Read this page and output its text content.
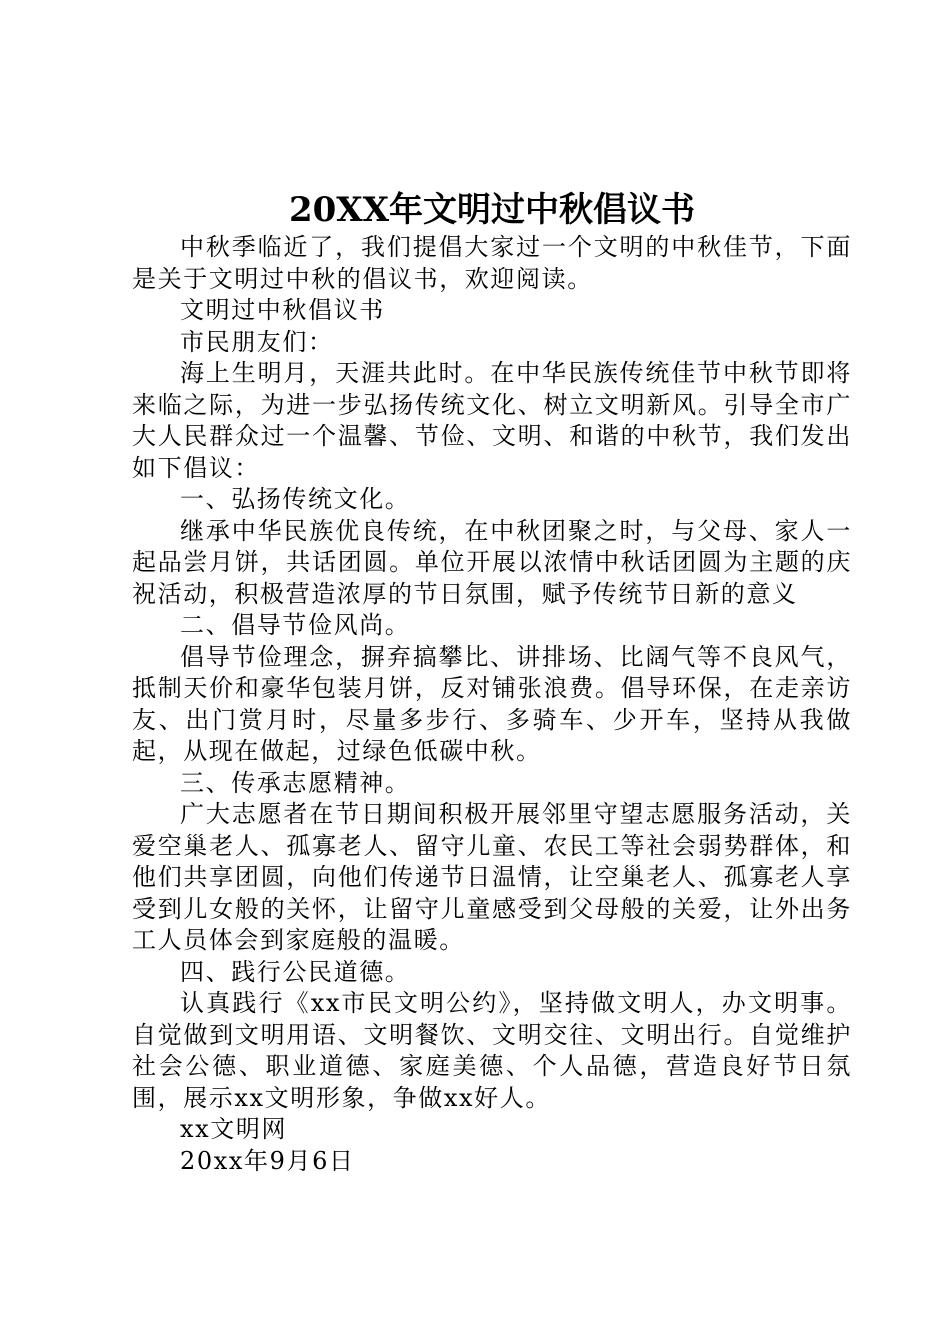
20XX年文明过中秋倡议书

中秋季临近了，我们提倡大家过一个文明的中秋佳节，下面是关于文明过中秋的倡议书，欢迎阅读。

文明过中秋倡议书

市民朋友们：

海上生明月，天涯共此时。在中华民族传统佳节中秋节即将来临之际，为进一步弘扬传统文化、树立文明新风。引导全市广大人民群众过一个温馨、节俭、文明、和谐的中秋节，我们发出如下倡议：

一、弘扬传统文化。

继承中华民族优良传统，在中秋团聚之时，与父母、家人一起品尝月饼，共话团圆。单位开展以浓情中秋话团圆为主题的庆祝活动，积极营造浓厚的节日氛围，赋予传统节日新的意义

二、倡导节俭风尚。

倡导节俭理念，摒弃搞攀比、讲排场、比阔气等不良风气，抵制天价和豪华包装月饼，反对铺张浪费。倡导环保，在走亲访友、出门赏月时，尽量多步行、多骑车、少开车，坚持从我做起，从现在做起，过绿色低碳中秋。

三、传承志愿精神。

广大志愿者在节日期间积极开展邻里守望志愿服务活动，关爱空巢老人、孤寡老人、留守儿童、农民工等社会弱势群体，和他们共享团圆，向他们传递节日温情，让空巢老人、孤寡老人享受到儿女般的关怀，让留守儿童感受到父母般的关爱，让外出务工人员体会到家庭般的温暖。

四、践行公民道德。

认真践行《xx市民文明公约》，坚持做文明人，办文明事。自觉做到文明用语、文明餐饮、文明交往、文明出行。自觉维护社会公德、职业道德、家庭美德、个人品德，营造良好节日氛围，展示xx文明形象，争做xx好人。

xx文明网

20xx年9月6日
